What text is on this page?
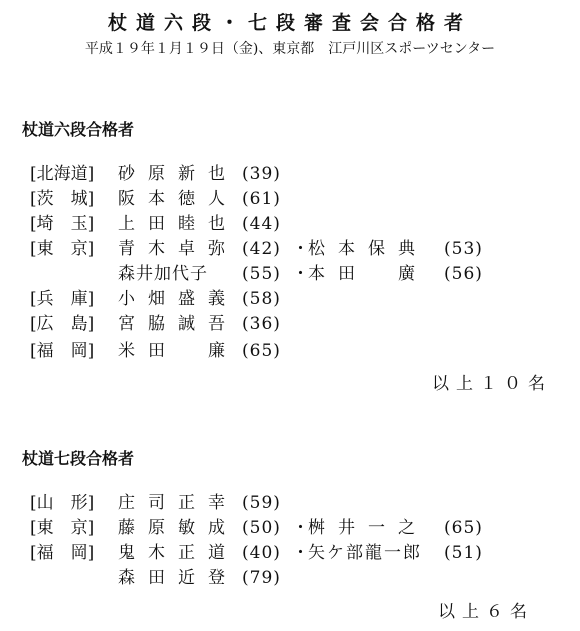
杖道六段・七段審査会合格者
平成１９年１月１９日（金)、東京都　江戸川区スポーツセンター
杖道六段合格者
[北海道]	砂原新也 (39)
[茨　城]	阪本徳人 (61)
[埼　玉]	上田睦也 (44)
[東　京]	青木卓弥 (42) ・ 松本保典 (53)
森井加代子 (55) ・ 本田　廣 (56)
[兵　庫]	小畑盛義 (58)
[広　島]	宮脇誠吾 (36)
[福　岡]	米田　廉 (65)
以上１０名
杖道七段合格者
[山　形]	庄司正幸 (59)
[東　京]	藤原敏成 (50) ・ 桝井一之 (65)
[福　岡]	鬼木正道 (40) ・ 矢ケ部龍一郎 (51)
森田近登 (79)
以上６名
